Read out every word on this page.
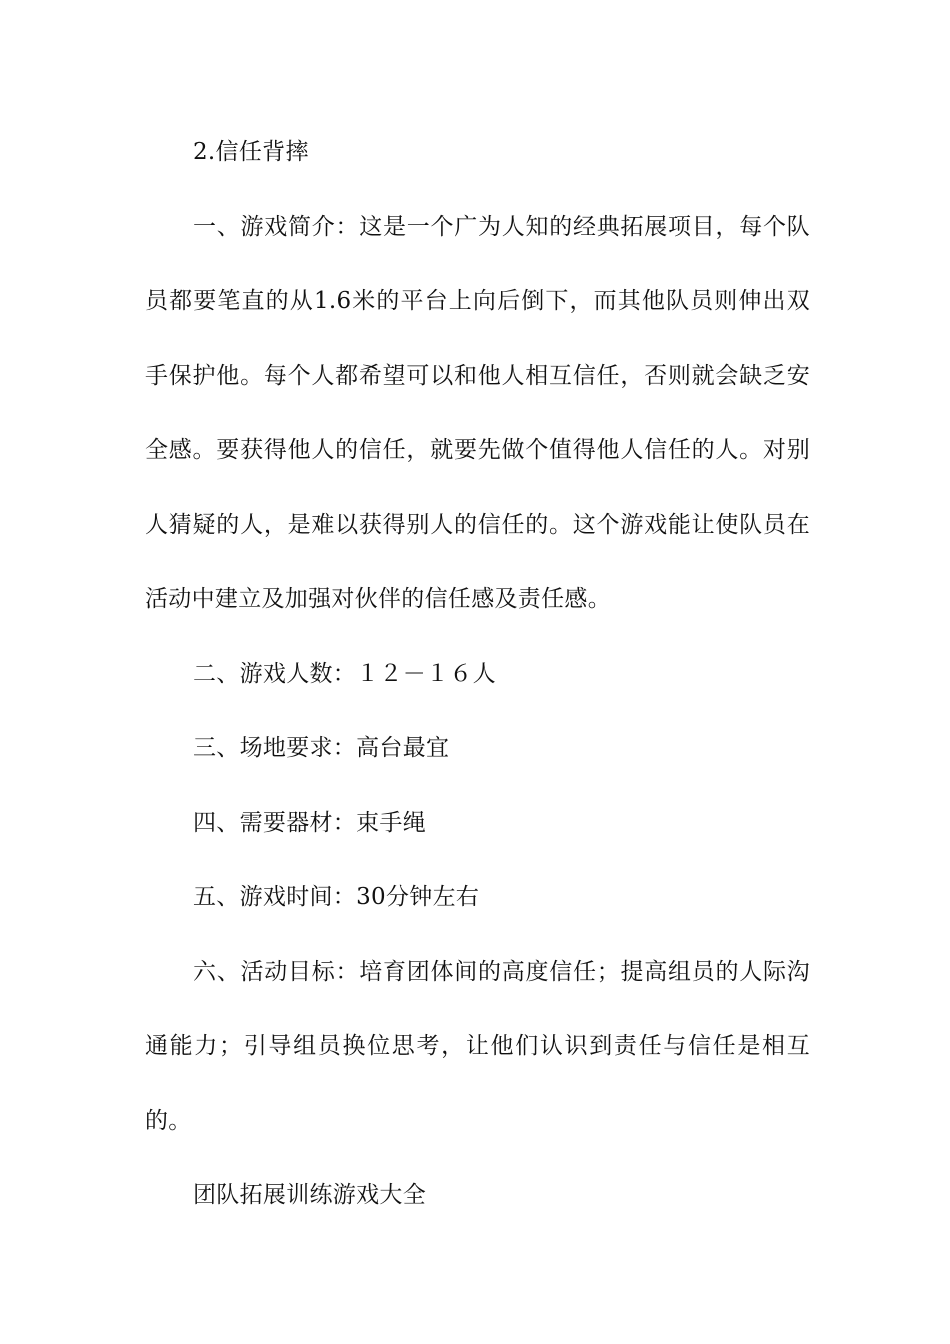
2.信任背摔

一、游戏简介：这是一个广为人知的经典拓展项目，每个队员都要笔直的从1.6米的平台上向后倒下，而其他队员则伸出双手保护他。每个人都希望可以和他人相互信任，否则就会缺乏安全感。要获得他人的信任，就要先做个值得他人信任的人。对别人猜疑的人，是难以获得别人的信任的。这个游戏能让使队员在活动中建立及加强对伙伴的信任感及责任感。

二、游戏人数：１２－１６人

三、场地要求：高台最宜

四、需要器材：束手绳

五、游戏时间：30分钟左右

六、活动目标：培育团体间的高度信任；提高组员的人际沟通能力；引导组员换位思考，让他们认识到责任与信任是相互的。

团队拓展训练游戏大全
